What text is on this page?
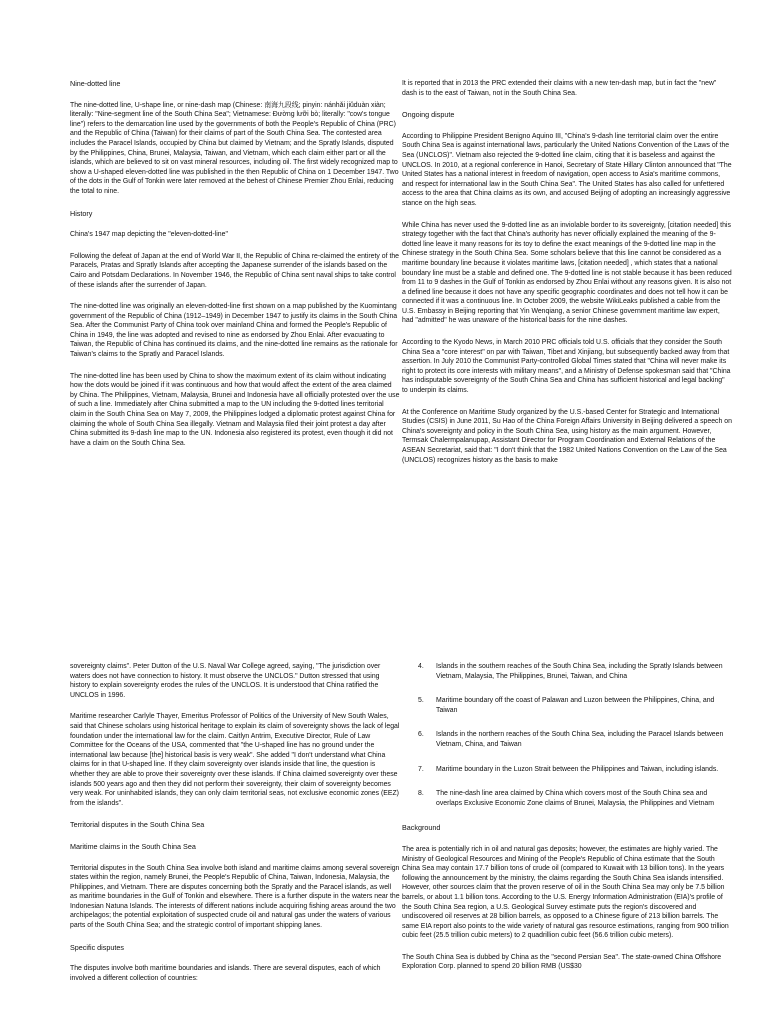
Nine-dotted line

The nine-dotted line, U-shape line, or nine-dash map (Chinese: 南海九段线; pinyin: nánhǎi jiǔduàn xiàn; literally: "Nine-segment line of the South China Sea"; Vietnamese: Đường lưỡi bò; literally: "cow's tongue line") refers to the demarcation line used by the governments of both the People's Republic of China (PRC) and the Republic of China (Taiwan) for their claims of part of the South China Sea. The contested area includes the Paracel Islands, occupied by China but claimed by Vietnam; and the Spratly Islands, disputed by the Philippines, China, Brunei, Malaysia, Taiwan, and Vietnam, which each claim either part or all the islands, which are believed to sit on vast mineral resources, including oil. The first widely recognized map to show a U-shaped eleven-dotted line was published in the then Republic of China on 1 December 1947. Two of the dots in the Gulf of Tonkin were later removed at the behest of Chinese Premier Zhou Enlai, reducing the total to nine.

History

China's 1947 map depicting the "eleven-dotted-line"

Following the defeat of Japan at the end of World War II, the Republic of China re-claimed the entirety of the Paracels, Pratas and Spratly Islands after accepting the Japanese surrender of the islands based on the Cairo and Potsdam Declarations. In November 1946, the Republic of China sent naval ships to take control of these islands after the surrender of Japan.

The nine-dotted line was originally an eleven-dotted-line first shown on a map published by the Kuomintang government of the Republic of China (1912–1949) in December 1947 to justify its claims in the South China Sea. After the Communist Party of China took over mainland China and formed the People's Republic of China in 1949, the line was adopted and revised to nine as endorsed by Zhou Enlai. After evacuating to Taiwan, the Republic of China has continued its claims, and the nine-dotted line remains as the rationale for Taiwan's claims to the Spratly and Paracel Islands.

The nine-dotted line has been used by China to show the maximum extent of its claim without indicating how the dots would be joined if it was continuous and how that would affect the extent of the area claimed by China. The Philippines, Vietnam, Malaysia, Brunei and Indonesia have all officially protested over the use of such a line. Immediately after China submitted a map to the UN including the 9-dotted lines territorial claim in the South China Sea on May 7, 2009, the Philippines lodged a diplomatic protest against China for claiming the whole of South China Sea illegally. Vietnam and Malaysia filed their joint protest a day after China submitted its 9-dash line map to the UN. Indonesia also registered its protest, even though it did not have a claim on the South China Sea.

It is reported that in 2013 the PRC extended their claims with a new ten-dash map, but in fact the "new" dash is to the east of Taiwan, not in the South China Sea.

Ongoing dispute

According to Philippine President Benigno Aquino III, "China's 9-dash line territorial claim over the entire South China Sea is against international laws, particularly the United Nations Convention of the Laws of the Sea (UNCLOS)". Vietnam also rejected the 9-dotted line claim, citing that it is baseless and against the UNCLOS. In 2010, at a regional conference in Hanoi, Secretary of State Hillary Clinton announced that "The United States has a national interest in freedom of navigation, open access to Asia's maritime commons, and respect for international law in the South China Sea". The United States has also called for unfettered access to the area that China claims as its own, and accused Beijing of adopting an increasingly aggressive stance on the high seas.

While China has never used the 9-dotted line as an inviolable border to its sovereignty, [citation needed] this strategy together with the fact that China's authority has never officially explained the meaning of the 9-dotted line leave it many reasons for its toy to define the exact meanings of the 9-dotted line map in the Chinese strategy in the South China Sea. Some scholars believe that this line cannot be considered as a maritime boundary line because it violates maritime laws, [citation needed] , which states that a national boundary line must be a stable and defined one. The 9-dotted line is not stable because it has been reduced from 11 to 9 dashes in the Gulf of Tonkin as endorsed by Zhou Enlai without any reasons given. It is also not a defined line because it does not have any specific geographic coordinates and does not tell how it can be connected if it was a continuous line. In October 2009, the website WikiLeaks published a cable from the U.S. Embassy in Beijing reporting that Yin Wenqiang, a senior Chinese government maritime law expert, had "admitted" he was unaware of the historical basis for the nine dashes.

According to the Kyodo News, in March 2010 PRC officials told U.S. officials that they consider the South China Sea a "core interest" on par with Taiwan, Tibet and Xinjiang, but subsequently backed away from that assertion. In July 2010 the Communist Party-controlled Global Times stated that "China will never make its right to protect its core interests with military means", and a Ministry of Defense spokesman said that "China has indisputable sovereignty of the South China Sea and China has sufficient historical and legal backing" to underpin its claims.

At the Conference on Maritime Study organized by the U.S.-based Center for Strategic and International Studies (CSIS) in June 2011, Su Hao of the China Foreign Affairs University in Beijing delivered a speech on China's sovereignty and policy in the South China Sea, using history as the main argument. However, Termsak Chalermpalanupap, Assistant Director for Program Coordination and External Relations of the ASEAN Secretariat, said that: "I don't think that the 1982 United Nations Convention on the Law of the Sea (UNCLOS) recognizes history as the basis to make

sovereignty claims". Peter Dutton of the U.S. Naval War College agreed, saying, "The jurisdiction over waters does not have connection to history. It must observe the UNCLOS." Dutton stressed that using history to explain sovereignty erodes the rules of the UNCLOS. It is understood that China ratified the UNCLOS in 1996.

Maritime researcher Carlyle Thayer, Emeritus Professor of Politics of the University of New South Wales, said that Chinese scholars using historical heritage to explain its claim of sovereignty shows the lack of legal foundation under the international law for the claim. Caitlyn Antrim, Executive Director, Rule of Law Committee for the Oceans of the USA, commented that "the U-shaped line has no ground under the international law because [the] historical basis is very weak". She added "I don't understand what China claims for in that U-shaped line. If they claim sovereignty over islands inside that line, the question is whether they are able to prove their sovereignty over these islands. If China claimed sovereignty over these islands 500 years ago and then they did not perform their sovereignty, their claim of sovereignty becomes very weak. For uninhabited islands, they can only claim territorial seas, not exclusive economic zones (EEZ) from the islands".

Territorial disputes in the South China Sea
Maritime claims in the South China Sea

Territorial disputes in the South China Sea involve both island and maritime claims among several sovereign states within the region, namely Brunei, the People's Republic of China, Taiwan, Indonesia, Malaysia, the Philippines, and Vietnam. There are disputes concerning both the Spratly and the Paracel islands, as well as maritime boundaries in the Gulf of Tonkin and elsewhere. There is a further dispute in the waters near the Indonesian Natuna Islands. The interests of different nations include acquiring fishing areas around the two archipelagos; the potential exploitation of suspected crude oil and natural gas under the waters of various parts of the South China Sea; and the strategic control of important shipping lanes.

Specific disputes

The disputes involve both maritime boundaries and islands. There are several disputes, each of which involved a different collection of countries:

4. Islands in the southern reaches of the South China Sea, including the Spratly Islands between Vietnam, Malaysia, The Philippines, Brunei, Taiwan, and China
5. Maritime boundary off the coast of Palawan and Luzon between the Philippines, China, and Taiwan
6. Islands in the northern reaches of the South China Sea, including the Paracel Islands between Vietnam, China, and Taiwan
7. Maritime boundary in the Luzon Strait between the Philippines and Taiwan, including islands.
8. The nine-dash line area claimed by China which covers most of the South China sea and overlaps Exclusive Economic Zone claims of Brunei, Malaysia, the Philippines and Vietnam
Background

The area is potentially rich in oil and natural gas deposits; however, the estimates are highly varied. The Ministry of Geological Resources and Mining of the People's Republic of China estimate that the South China Sea may contain 17.7 billion tons of crude oil (compared to Kuwait with 13 billion tons). In the years following the announcement by the ministry, the claims regarding the South China Sea islands intensified. However, other sources claim that the proven reserve of oil in the South China Sea may only be 7.5 billion barrels, or about 1.1 billion tons. According to the U.S. Energy Information Administration (EIA)'s profile of the South China Sea region, a U.S. Geological Survey estimate puts the region's discovered and undiscovered oil reserves at 28 billion barrels, as opposed to a Chinese figure of 213 billion barrels. The same EIA report also points to the wide variety of natural gas resource estimations, ranging from 900 trillion cubic feet (25.5 trillion cubic meters) to 2 quadrillion cubic feet (56.6 trillion cubic meters).

The South China Sea is dubbed by China as the "second Persian Sea". The state-owned China Offshore Exploration Corp. planned to spend 20 billion RMB (US$30
